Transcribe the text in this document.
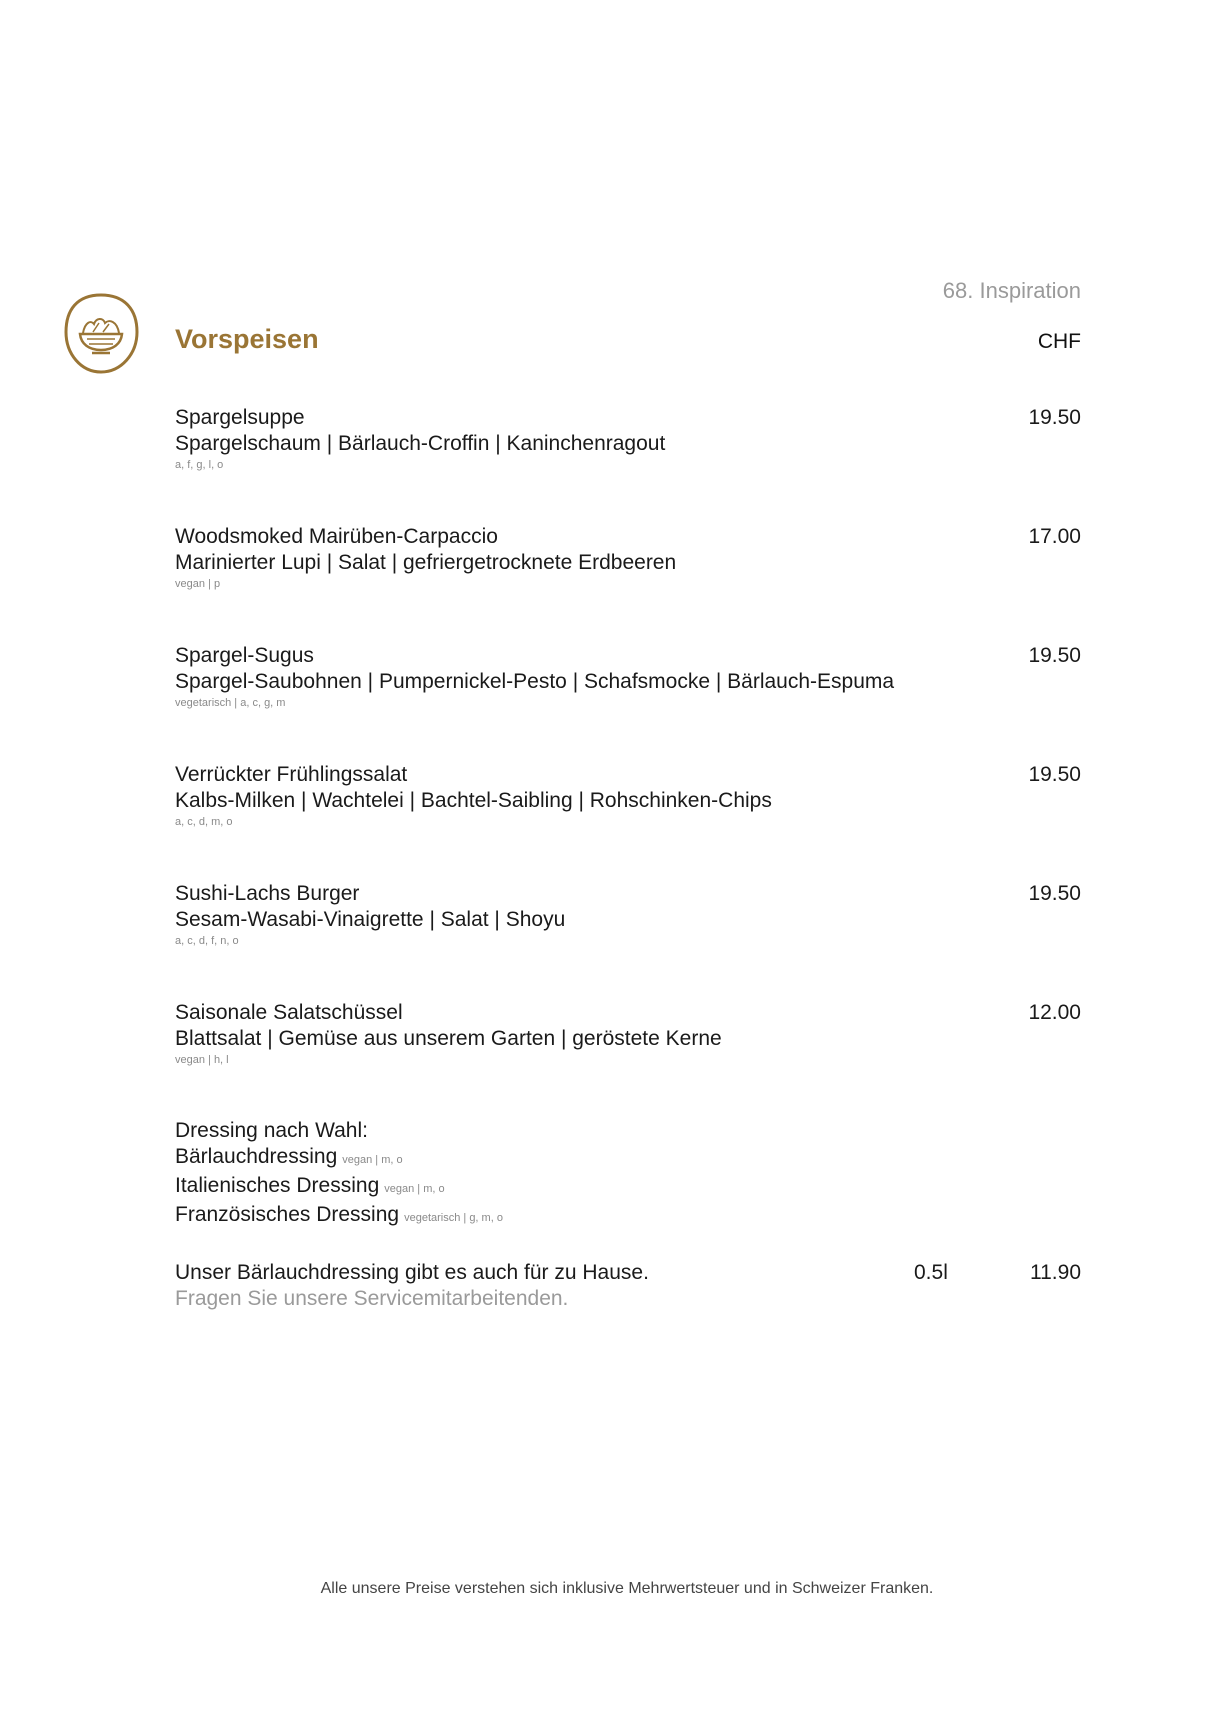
68. Inspiration
Vorspeisen	CHF
Spargelsuppe	19.50
Spargelschaum | Bärlauch-Croffin | Kaninchenragout
a, f, g, l, o
Woodsmoked Mairüben-Carpaccio	17.00
Marinierter Lupi | Salat | gefriergetrocknete Erdbeeren
vegan | p
Spargel-Sugus	19.50
Spargel-Saubohnen | Pumpernickel-Pesto | Schafsmocke | Bärlauch-Espuma
vegetarisch | a, c, g, m
Verrückter Frühlingssalat	19.50
Kalbs-Milken | Wachtelei | Bachtel-Saibling | Rohschinken-Chips
a, c, d, m, o
Sushi-Lachs Burger	19.50
Sesam-Wasabi-Vinaigrette | Salat | Shoyu
a, c, d, f, n, o
Saisonale Salatschüssel	12.00
Blattsalat | Gemüse aus unserem Garten | geröstete Kerne
vegan | h, l
Dressing nach Wahl:
Bärlauchdressing vegan | m, o
Italienisches Dressing vegan | m, o
Französisches Dressing vegetarisch | g, m, o
Unser Bärlauchdressing gibt es auch für zu Hause.	0.5l	11.90
Fragen Sie unsere Servicemitarbeitenden.
Alle unsere Preise verstehen sich inklusive Mehrwertsteuer und in Schweizer Franken.
